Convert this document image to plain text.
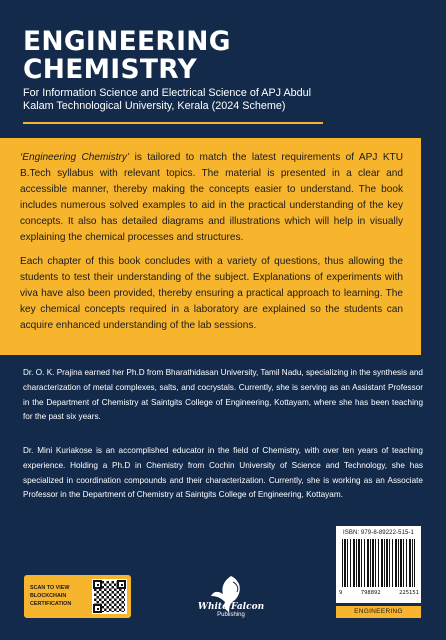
ENGINEERING
CHEMISTRY

For Information Science and Electrical Science of APJ Abdul Kalam Technological University, Kerala (2024 Scheme)

‘Engineering Chemistry’ is tailored to match the latest requirements of APJ KTU B.Tech syllabus with relevant topics. The material is presented in a clear and accessible manner, thereby making the concepts easier to understand. The book includes numerous solved examples to aid in the practical understanding of the key concepts. It also has detailed diagrams and illustrations which will help in visually explaining the chemical processes and structures.

Each chapter of this book concludes with a variety of questions, thus allowing the students to test their understanding of the subject. Explanations of experiments with viva have also been provided, thereby ensuring a practical approach to learning. The key chemical concepts required in a laboratory are explained so the students can acquire enhanced understanding of the lab sessions.

Dr. O. K. Prajina earned her Ph.D from Bharathidasan University, Tamil Nadu, specializing in the synthesis and characterization of metal complexes, salts, and cocrystals. Currently, she is serving as an Assistant Professor in the Department of Chemistry at Saintgits College of Engineering, Kottayam, where she has been teaching for the past six years.

Dr. Mini Kuriakose is an accomplished educator in the field of Chemistry, with over ten years of teaching experience. Holding a Ph.D in Chemistry from Cochin University of Science and Technology, she has specialized in coordination compounds and their characterization. Currently, she is working as an Associate Professor in the Department of Chemistry at Saintgits College of Engineering, Kottayam.

ISBN: 979-8-89222-515-1
9	798892	225151
ENGINEERING
SCAN TO VIEW
BLOCKCHAIN
CERTIFICATION	White Falcon
Publishing
